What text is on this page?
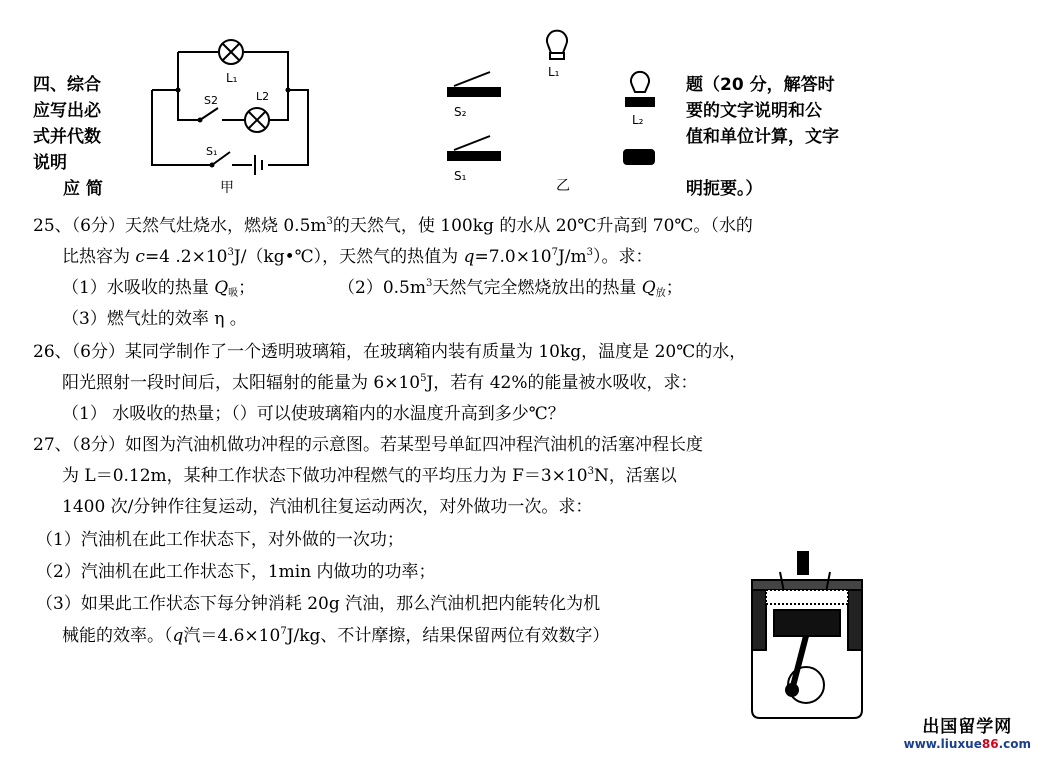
四、综合
应写出必
式并代数
说明
应 简
题（20 分，解答时
要的文字说明和公
值和单位计算，文字
明扼要。）
L₁
S2	L2
S₁
甲
L₁
S₂
L₂
S₁
乙
25、（6分）天然气灶烧水，燃烧 $0.5m^3$的天然气，使 100kg 的水从 20℃升高到 70℃。（水的
比热容为 c=4 $.2\times 10^3J/(kg•℃)$，天然气的热值为 $q=7.0\times 10^7J/m^3$）。求：
（1）水吸收的热量 $Q_吸$；	$(2)0.5m^3$天然气完全燃烧放出的热量 $Q_放$；
（3）燃气灶的效率 η 。
26、（6分）某同学制作了一个透明玻璃箱，在玻璃箱内装有质量为 10kg，温度是 20℃的水，
阳光照射一段时间后，太阳辐射的能量为 $6\times 10^5J$，若有 42%的能量被水吸收，求：
（1） 水吸收的热量；（）可以使玻璃箱内的水温度升高到多少℃？
27、（8分）如图为汽油机做功冲程的示意图。若某型号单缸四冲程汽油机的活塞冲程长度
为 L＝0.12m，某种工作状态下做功冲程燃气的平均压力为 $F=3\times 10^3N$，活塞以
1400 次/分钟作往复运动，汽油机往复运动两次，对外做功一次。求：
（1）汽油机在此工作状态下，对外做的一次功；
（2）汽油机在此工作状态下，1min 内做功的功率；
（3）如果此工作状态下每分钟消耗 20g 汽油，那么汽油机把内能转化为机
械能的效率。（q汽$=4.6\times 10^7J/kg$、不计摩擦，结果保留两位有效数字）
出国留学网
www.liuxue86.com
